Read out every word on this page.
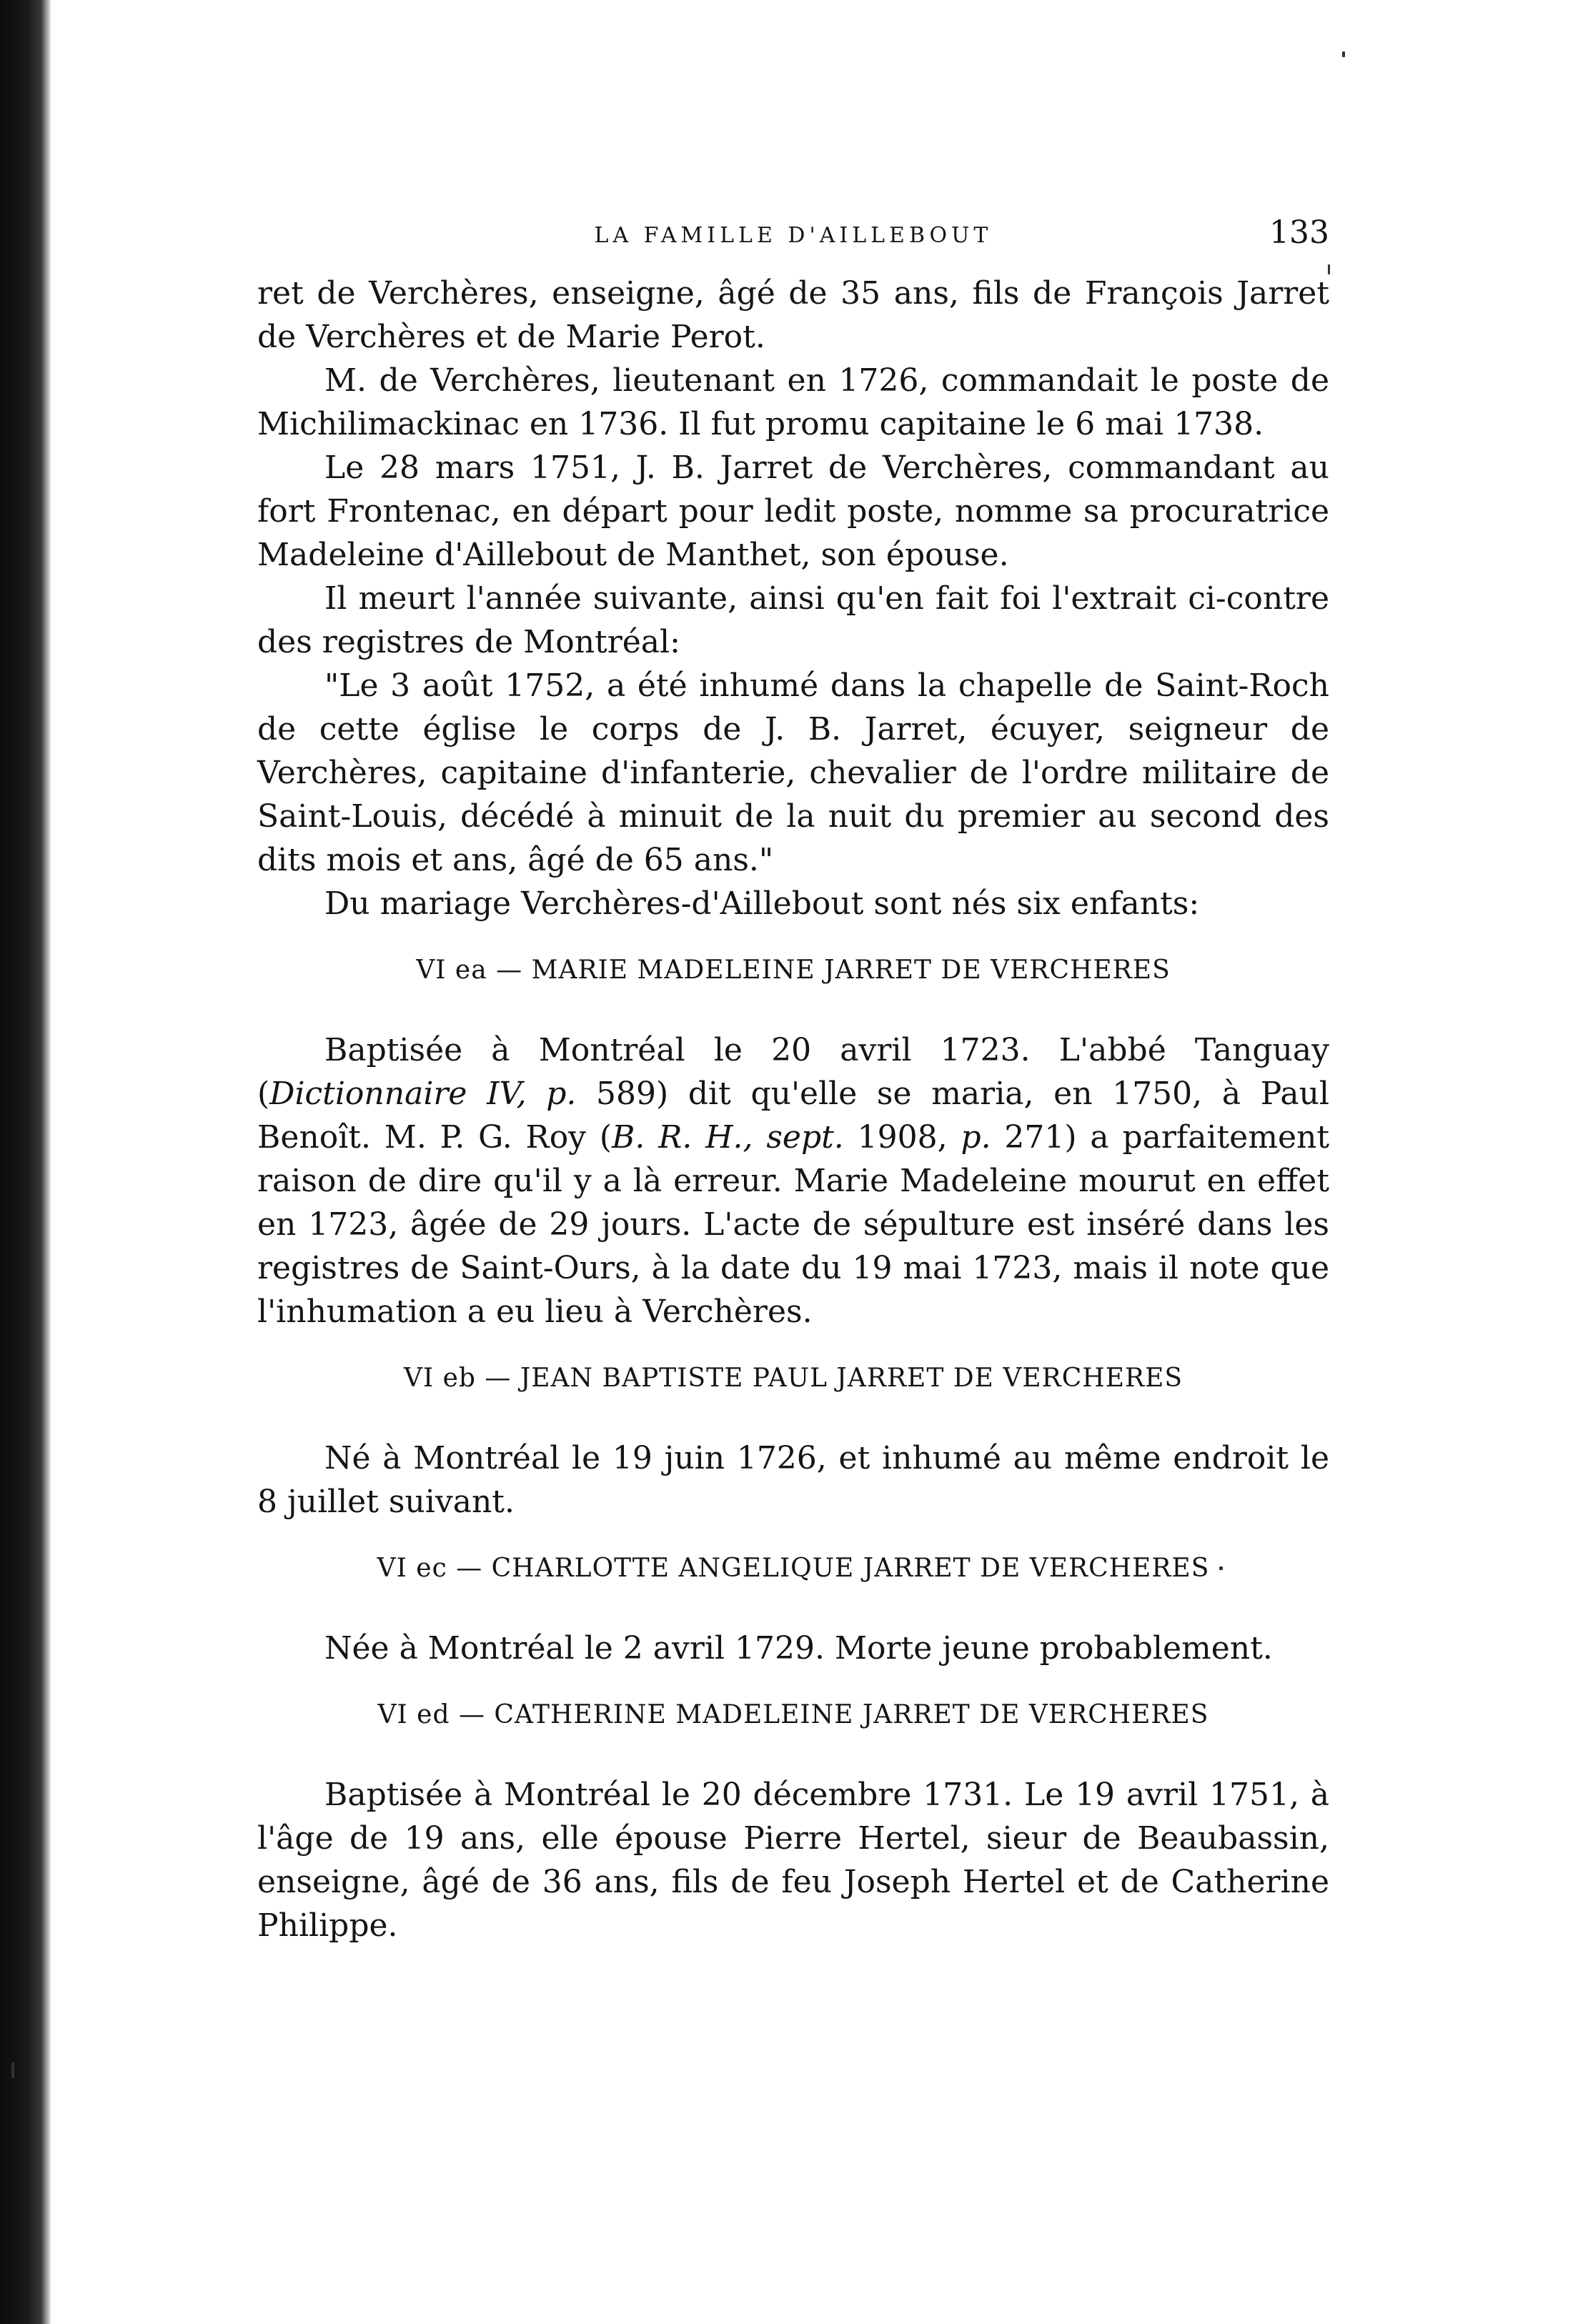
LA FAMILLE D'AILLEBOUT	133

ret de Verchères, enseigne, âgé de 35 ans, fils de François Jarret de Verchères et de Marie Perot.

M. de Verchères, lieutenant en 1726, commandait le poste de Michilimackinac en 1736. Il fut promu capitaine le 6 mai 1738.

Le 28 mars 1751, J. B. Jarret de Verchères, commandant au fort Frontenac, en départ pour ledit poste, nomme sa procuratrice Madeleine d'Aillebout de Manthet, son épouse.

Il meurt l'année suivante, ainsi qu'en fait foi l'extrait ci-contre des registres de Montréal:

"Le 3 août 1752, a été inhumé dans la chapelle de Saint-Roch de cette église le corps de J. B. Jarret, écuyer, seigneur de Verchères, capitaine d'infanterie, chevalier de l'ordre militaire de Saint-Louis, décédé à minuit de la nuit du premier au second des dits mois et ans, âgé de 65 ans."

Du mariage Verchères-d'Aillebout sont nés six enfants:

VI ea — MARIE MADELEINE JARRET DE VERCHERES

Baptisée à Montréal le 20 avril 1723. L'abbé Tanguay (Dictionnaire IV, p. 589) dit qu'elle se maria, en 1750, à Paul Benoît. M. P. G. Roy (B. R. H., sept. 1908, p. 271) a parfaitement raison de dire qu'il y a là erreur. Marie Madeleine mourut en effet en 1723, âgée de 29 jours. L'acte de sépulture est inséré dans les registres de Saint-Ours, à la date du 19 mai 1723, mais il note que l'inhumation a eu lieu à Verchères.

VI eb — JEAN BAPTISTE PAUL JARRET DE VERCHERES

Né à Montréal le 19 juin 1726, et inhumé au même endroit le 8 juillet suivant.

VI ec — CHARLOTTE ANGELIQUE JARRET DE VERCHERES

Née à Montréal le 2 avril 1729. Morte jeune probablement.

VI ed — CATHERINE MADELEINE JARRET DE VERCHERES

Baptisée à Montréal le 20 décembre 1731. Le 19 avril 1751, à l'âge de 19 ans, elle épouse Pierre Hertel, sieur de Beaubassin, enseigne, âgé de 36 ans, fils de feu Joseph Hertel et de Catherine Philippe.
